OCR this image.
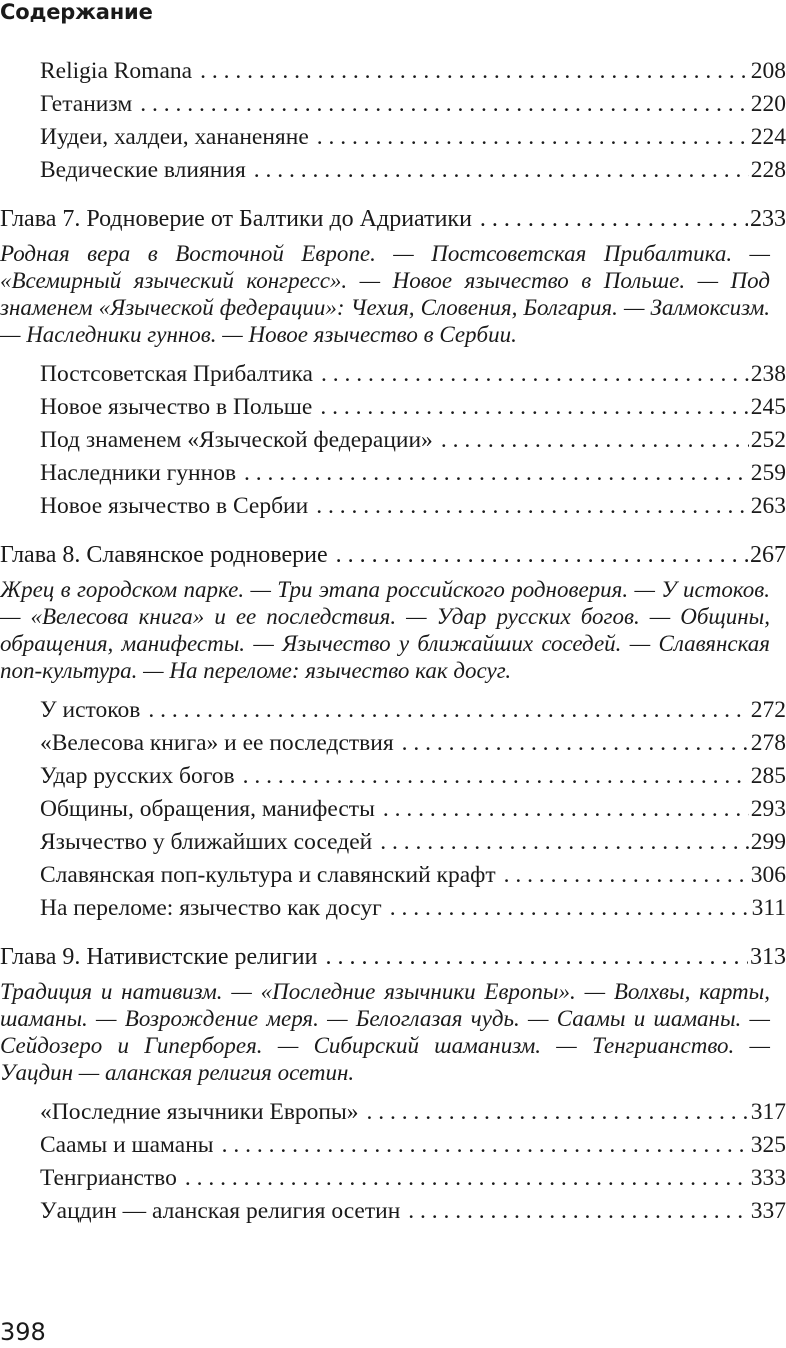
Содержание
Religia Romana . . .	208
Гетанизм . . .	220
Иудеи, халдеи, хананеняне . . .	224
Ведические влияния . . .	228
Глава 7. Родноверие от Балтики до Адриатики . . .	233
Родная вера в Восточной Европе. — Постсоветская Прибалтика. — «Всемирный языческий конгресс». — Новое язычество в Польше. — Под знаменем «Языческой федерации»: Чехия, Словения, Болгария. — Залмоксизм. — Наследники гуннов. — Новое язычество в Сербии.
Постсоветская Прибалтика . . .	238
Новое язычество в Польше . . .	245
Под знаменем «Языческой федерации» . . .	252
Наследники гуннов . . .	259
Новое язычество в Сербии . . .	263
Глава 8. Славянское родноверие . . .	267
Жрец в городском парке. — Три этапа российского родноверия. — У истоков. — «Велесова книга» и ее последствия. — Удар русских богов. — Общины, обращения, манифесты. — Язычество у ближайших соседей. — Славянская поп-культура. — На переломе: язычество как досуг.
У истоков . . .	272
«Велесова книга» и ее последствия . . .	278
Удар русских богов . . .	285
Общины, обращения, манифесты . . .	293
Язычество у ближайших соседей . . .	299
Славянская поп-культура и славянский крафт . . .	306
На переломе: язычество как досуг . . .	311
Глава 9. Нативистские религии . . .	313
Традиция и нативизм. — «Последние язычники Европы». — Волхвы, карты, шаманы. — Возрождение меря. — Белоглазая чудь. — Саамы и шаманы. — Сейдозеро и Гиперборея. — Сибирский шаманизм. — Тенгрианство. — Уацдин — аланская религия осетин.
«Последние язычники Европы» . . .	317
Саамы и шаманы . . .	325
Тенгрианство . . .	333
Уацдин — аланская религия осетин . . .	337
398
